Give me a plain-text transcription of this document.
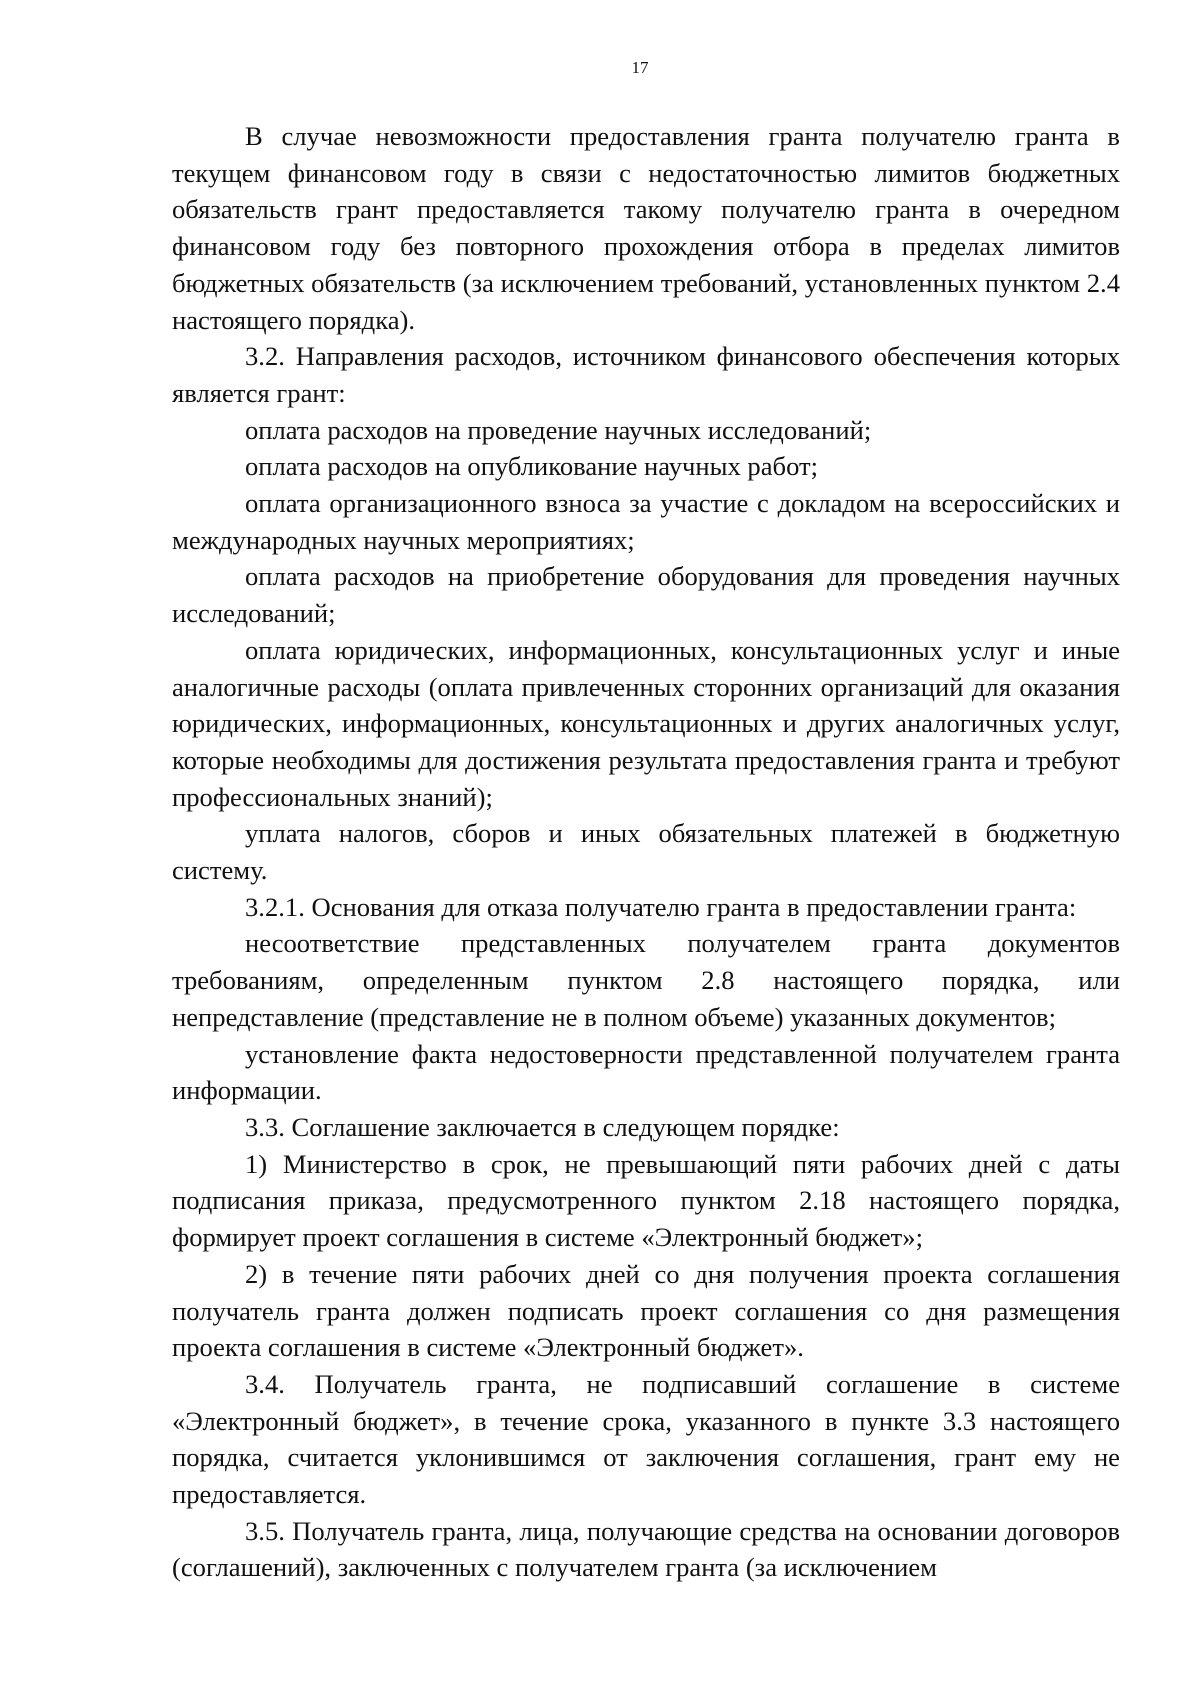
17

В случае невозможности предоставления гранта получателю гранта в текущем финансовом году в связи с недостаточностью лимитов бюджетных обязательств грант предоставляется такому получателю гранта в очередном финансовом году без повторного прохождения отбора в пределах лимитов бюджетных обязательств (за исключением требований, установленных пунктом 2.4 настоящего порядка).

3.2. Направления расходов, источником финансового обеспечения которых является грант:

оплата расходов на проведение научных исследований;

оплата расходов на опубликование научных работ;

оплата организационного взноса за участие с докладом на всероссийских и международных научных мероприятиях;

оплата расходов на приобретение оборудования для проведения научных исследований;

оплата юридических, информационных, консультационных услуг и иные аналогичные расходы (оплата привлеченных сторонних организаций для оказания юридических, информационных, консультационных и других аналогичных услуг, которые необходимы для достижения результата предоставления гранта и требуют профессиональных знаний);

уплата налогов, сборов и иных обязательных платежей в бюджетную систему.

3.2.1. Основания для отказа получателю гранта в предоставлении гранта:

несоответствие представленных получателем гранта документов требованиям, определенным пунктом 2.8 настоящего порядка, или непредставление (представление не в полном объеме) указанных документов;

установление факта недостоверности представленной получателем гранта информации.

3.3. Соглашение заключается в следующем порядке:

1) Министерство в срок, не превышающий пяти рабочих дней с даты подписания приказа, предусмотренного пунктом 2.18 настоящего порядка, формирует проект соглашения в системе «Электронный бюджет»;

2) в течение пяти рабочих дней со дня получения проекта соглашения получатель гранта должен подписать проект соглашения со дня размещения проекта соглашения в системе «Электронный бюджет».

3.4. Получатель гранта, не подписавший соглашение в системе «Электронный бюджет», в течение срока, указанного в пункте 3.3 настоящего порядка, считается уклонившимся от заключения соглашения, грант ему не предоставляется.

3.5. Получатель гранта, лица, получающие средства на основании договоров (соглашений), заключенных с получателем гранта (за исключением
